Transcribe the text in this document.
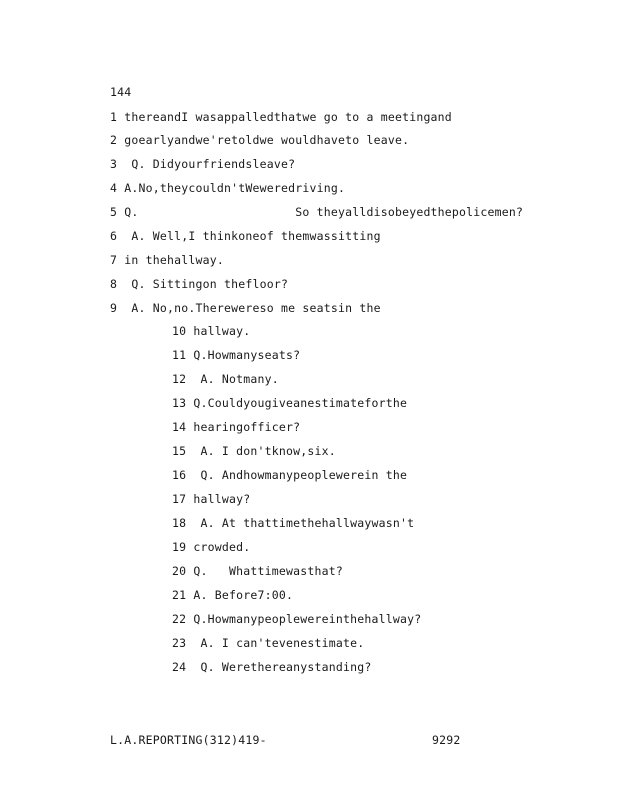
144
1 thereandI wasappalledthatwe go to a meetingand
2 goearlyandwe'retoldwe wouldhaveto leave.
3  Q. Didyourfriendsleave?
4 A.No,theycouldn'tWeweredriving.
5 Q.                      So theyalldisobeyedthepolicemen?
6  A. Well,I thinkoneof themwassitting
7 in thehallway.
8  Q. Sittingon thefloor?
9  A. No,no.Therewereso me seatsin the
10 hallway.
11 Q.Howmanyseats?
12  A. Notmany.
13 Q.Couldyougiveanestimateforthe
14 hearingofficer?
15  A. I don'tknow,six.
16  Q. Andhowmanypeoplewerein the
17 hallway?
18  A. At thattimethehallwaywasn't
19 crowded.
20 Q.   Whattimewasthat?
21 A. Before7:00.
22 Q.Howmanypeoplewereinthehallway?
23  A. I can'tevenestimate.
24  Q. Werethereanystanding?
L.A.REPORTING(312)419-	9292
